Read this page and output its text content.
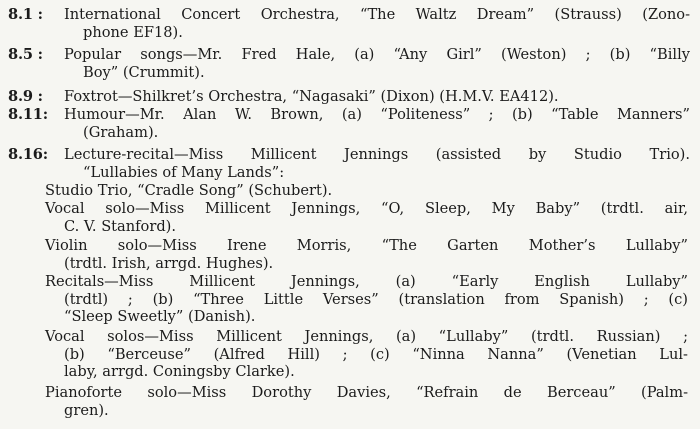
8.1 : International Concert Orchestra, “The Waltz Dream” (Strauss) (Zono-
phone EF18).
8.5 : Popular songs—Mr. Fred Hale, (a) “Any Girl” (Weston) ; (b) “Billy
Boy” (Crummit).
8.9 : Foxtrot—Shilkret’s Orchestra, “Nagasaki” (Dixon) (H.M.V. EA412).
8.11: Humour—Mr. Alan W. Brown, (a) “Politeness” ; (b) “Table Manners”
(Graham).
8.16: Lecture-recital—Miss Millicent Jennings (assisted by Studio Trio).
“Lullabies of Many Lands”:
Studio Trio, “Cradle Song” (Schubert).
Vocal solo—Miss Millicent Jennings, “O, Sleep, My Baby” (trdtl. air,
C. V. Stanford).
Violin solo—Miss Irene Morris, “The Garten Mother’s Lullaby”
(trdtl. Irish, arrgd. Hughes).
Recitals—Miss Millicent Jennings, (a) “Early English Lullaby”
(trdtl) ; (b) “Three Little Verses” (translation from Spanish) ; (c)
“Sleep Sweetly” (Danish).
Vocal solos—Miss Millicent Jennings, (a) “Lullaby” (trdtl. Russian) ;
(b) “Berceuse” (Alfred Hill) ; (c) “Ninna Nanna” (Venetian Lul-
laby, arrgd. Coningsby Clarke).
Pianoforte solo—Miss Dorothy Davies, “Refrain de Berceau” (Palm-
gren).
